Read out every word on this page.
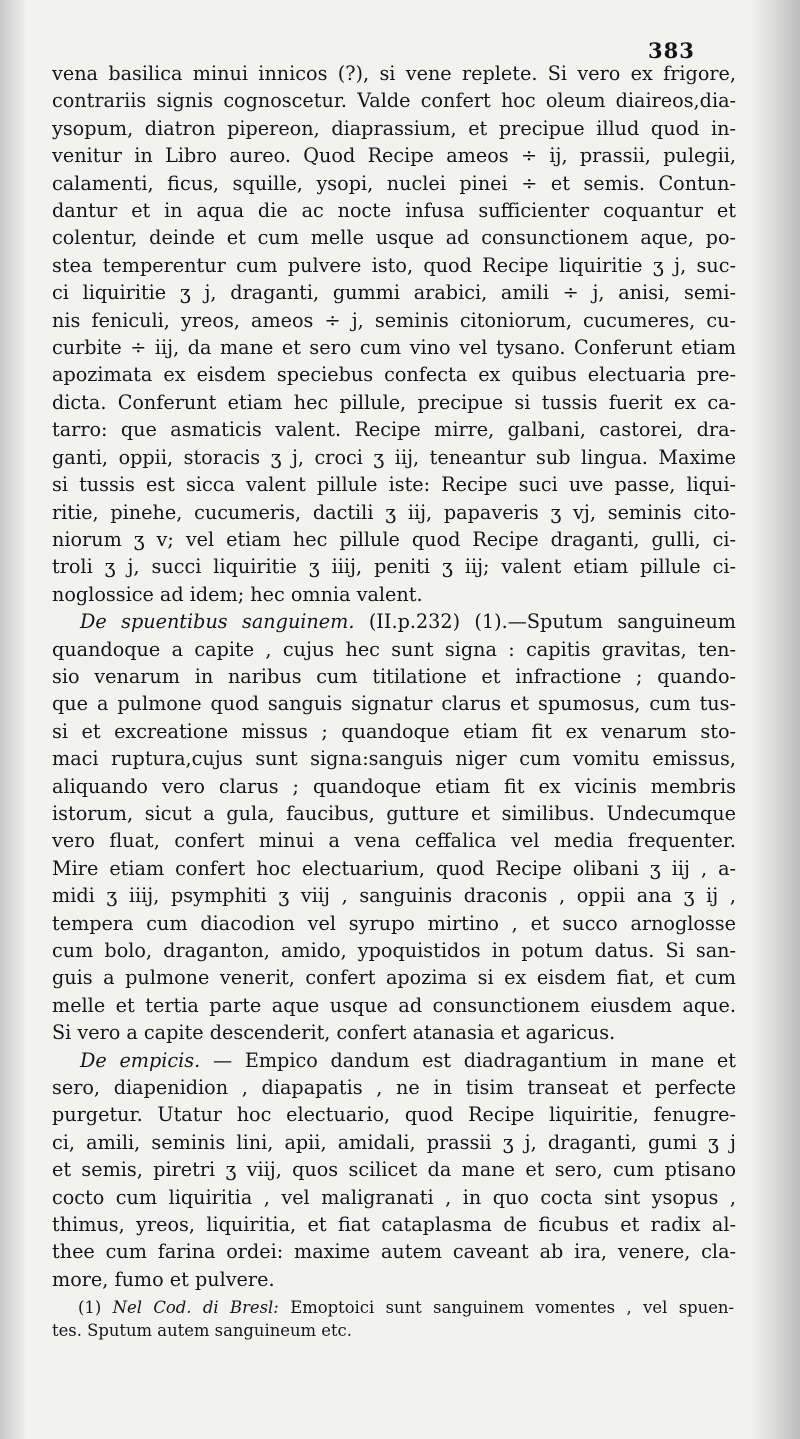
383
vena basilica minui innicos (?), si vene replete. Si vero ex frigore,
contrariis signis cognoscetur. Valde confert hoc oleum diaireos,dia-
ysopum, diatron pipereon, diaprassium, et precipue illud quod in-
venitur in Libro aureo. Quod Recipe ameos ÷ ij, prassii, pulegii,
calamenti, ficus, squille, ysopi, nuclei pinei ÷ et semis. Contun-
dantur et in aqua die ac nocte infusa sufficienter coquantur et
colentur, deinde et cum melle usque ad consunctionem aque, po-
stea temperentur cum pulvere isto, quod Recipe liquiritie ʒ j, suc-
ci liquiritie ʒ j, draganti, gummi arabici, amili ÷ j, anisi, semi-
nis feniculi, yreos, ameos ÷ j, seminis citoniorum, cucumeres, cu-
curbite ÷ iij, da mane et sero cum vino vel tysano. Conferunt etiam
apozimata ex eisdem speciebus confecta ex quibus electuaria pre-
dicta. Conferunt etiam hec pillule, precipue si tussis fuerit ex ca-
tarro: que asmaticis valent. Recipe mirre, galbani, castorei, dra-
ganti, oppii, storacis ʒ j, croci ʒ iij, teneantur sub lingua. Maxime
si tussis est sicca valent pillule iste: Recipe suci uve passe, liqui-
ritie, pinehe, cucumeris, dactili ʒ iij, papaveris ʒ vj, seminis cito-
niorum ʒ v; vel etiam hec pillule quod Recipe draganti, gulli, ci-
troli ʒ j, succi liquiritie ʒ iiij, peniti ʒ iij; valent etiam pillule ci-
noglossice ad idem; hec omnia valent.
De spuentibus sanguinem. (II.p.232) (1).—Sputum sanguineum
quandoque a capite , cujus hec sunt signa : capitis gravitas, ten-
sio venarum in naribus cum titilatione et infractione ; quando-
que a pulmone quod sanguis signatur clarus et spumosus, cum tus-
si et excreatione missus ; quandoque etiam fit ex venarum sto-
maci ruptura,cujus sunt signa:sanguis niger cum vomitu emissus,
aliquando vero clarus ; quandoque etiam fit ex vicinis membris
istorum, sicut a gula, faucibus, gutture et similibus. Undecumque
vero fluat, confert minui a vena ceffalica vel media frequenter.
Mire etiam confert hoc electuarium, quod Recipe olibani ʒ iij , a-
midi ʒ iiij, psymphiti ʒ viij , sanguinis draconis , oppii ana ʒ ij ,
tempera cum diacodion vel syrupo mirtino , et succo arnoglosse
cum bolo, draganton, amido, ypoquistidos in potum datus. Si san-
guis a pulmone venerit, confert apozima si ex eisdem fiat, et cum
melle et tertia parte aque usque ad consunctionem eiusdem aque.
Si vero a capite descenderit, confert atanasia et agaricus.
De empicis. — Empico dandum est diadragantium in mane et
sero, diapenidion , diapapatis , ne in tisim transeat et perfecte
purgetur. Utatur hoc electuario, quod Recipe liquiritie, fenugre-
ci, amili, seminis lini, apii, amidali, prassii ʒ j, draganti, gumi ʒ j
et semis, piretri ʒ viij, quos scilicet da mane et sero, cum ptisano
cocto cum liquiritia , vel maligranati , in quo cocta sint ysopus ,
thimus, yreos, liquiritia, et fiat cataplasma de ficubus et radix al-
thee cum farina ordei: maxime autem caveant ab ira, venere, cla-
more, fumo et pulvere.
(1) Nel Cod. di Bresl: Emoptoici sunt sanguinem vomentes , vel spuen-
tes. Sputum autem sanguineum etc.
